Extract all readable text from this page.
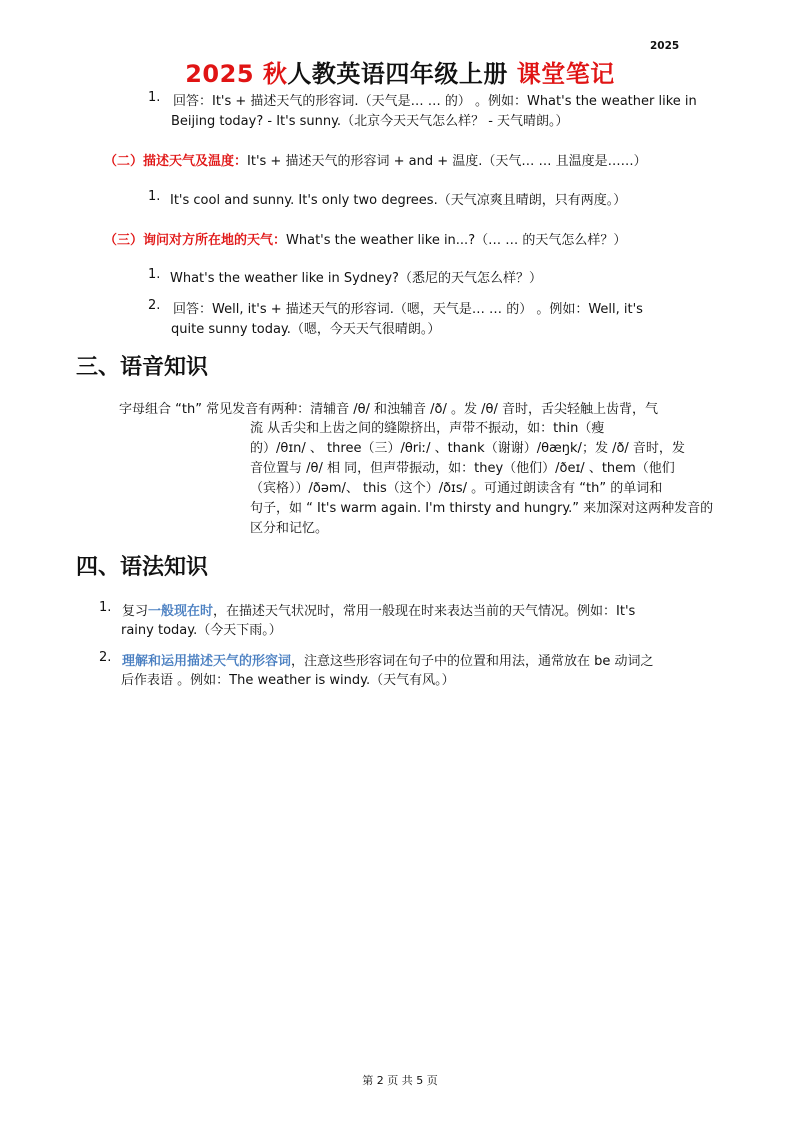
2025
2025 秋人教英语四年级上册 课堂笔记
1. 回答：It's + 描述天气的形容词.（天气是… … 的） 。例如：What's the weather like in
Beijing today? - It's sunny.（北京今天天气怎么样？ - 天气晴朗。）
（二）描述天气及温度：It's + 描述天气的形容词 + and + 温度.（天气… … 且温度是……）
1. It's cool and sunny. It's only two degrees.（天气凉爽且晴朗，只有两度。）
（三）询问对方所在地的天气：What's the weather like in...?（… … 的天气怎么样？）
1. What's the weather like in Sydney?（悉尼的天气怎么样？）
2. 回答：Well, it's + 描述天气的形容词.（嗯，天气是… … 的） 。例如：Well, it's
quite sunny today.（嗯，今天天气很晴朗。）
三、语音知识
字母组合 “th” 常见发音有两种：清辅音 /θ/ 和浊辅音 /ð/ 。发 /θ/ 音时，舌尖轻触上齿背，气
流 从舌尖和上齿之间的缝隙挤出，声带不振动，如：thin（瘦
的）/θɪn/ 、 three（三）/θriː/ 、thank（谢谢）/θæŋk/；发 /ð/ 音时，发
音位置与 /θ/ 相 同，但声带振动，如：they（他们）/ðeɪ/ 、them（他们
（宾格））/ðəm/、 this（这个）/ðɪs/ 。可通过朗读含有 “th” 的单词和
句子，如 “ It's warm again. I'm thirsty and hungry.” 来加深对这两种发音的
区分和记忆。
四、语法知识
1. 复习一般现在时，在描述天气状况时，常用一般现在时来表达当前的天气情况。例如：It's
rainy today.（今天下雨。）
2. 理解和运用描述天气的形容词，注意这些形容词在句子中的位置和用法，通常放在 be 动词之
后作表语 。例如：The weather is windy.（天气有风。）
第 2 页 共 5 页
